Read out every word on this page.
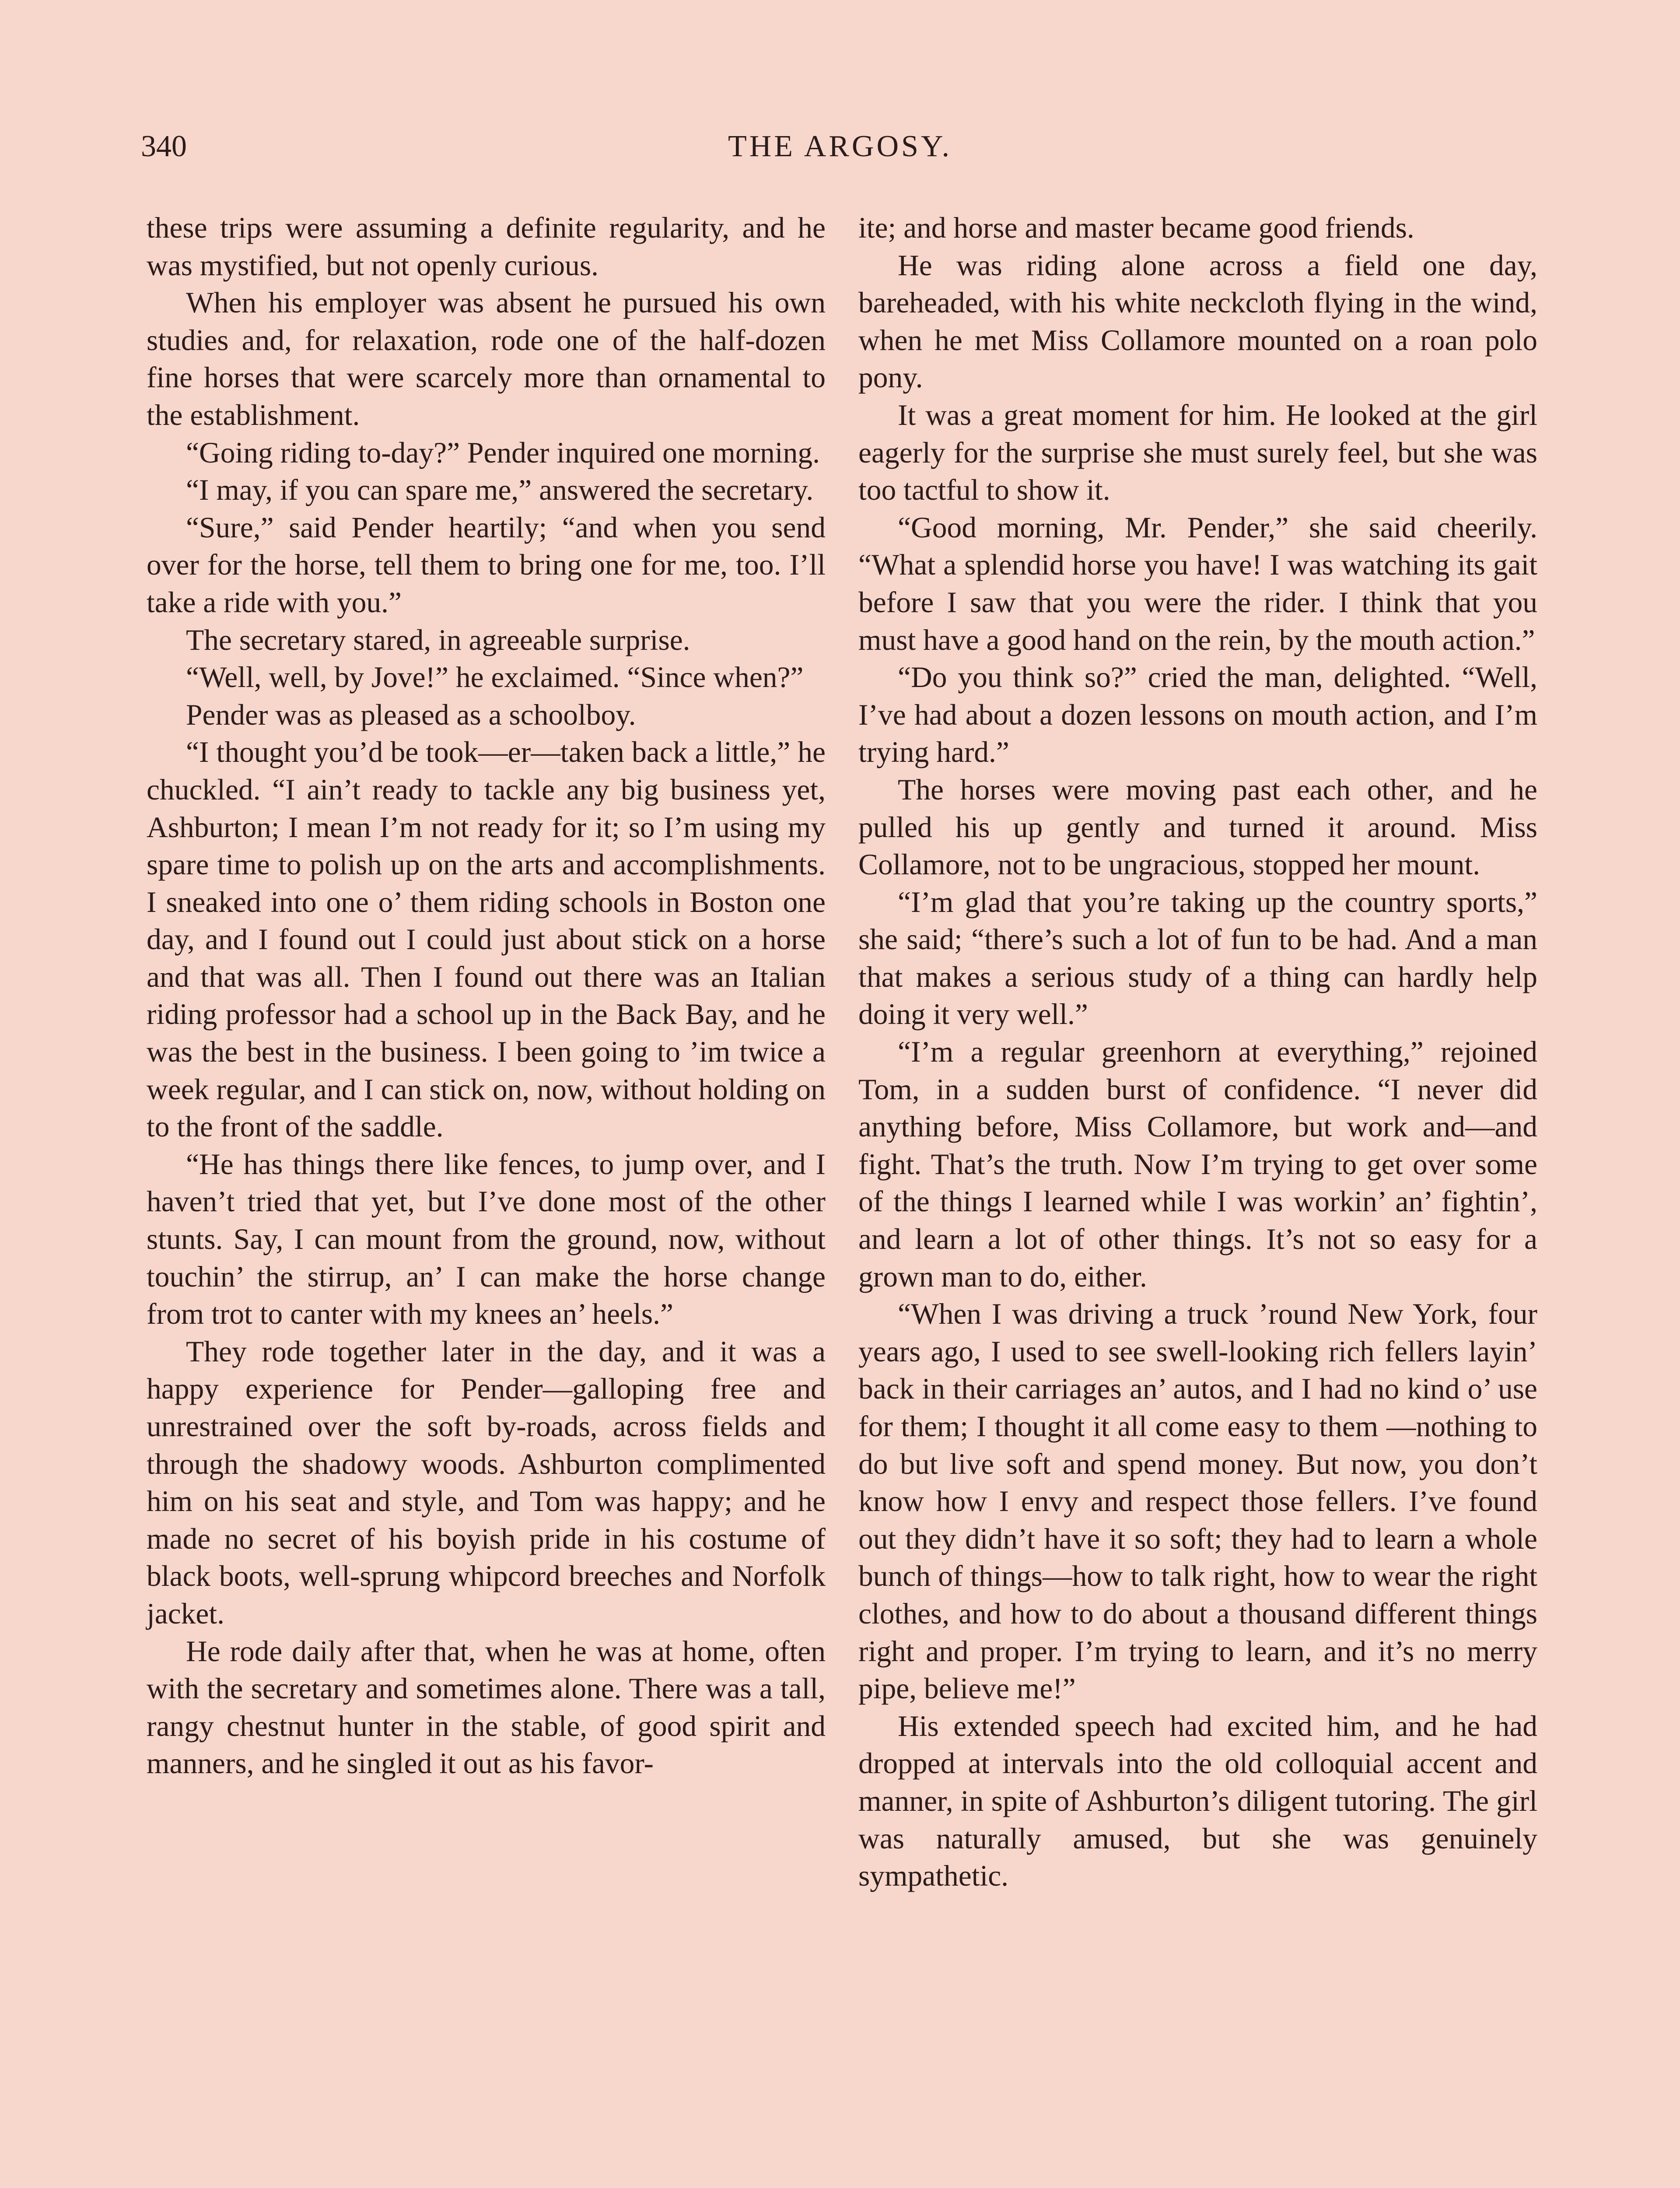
340	THE ARGOSY.

these trips were assuming a definite regularity, and he was mystified, but not openly curious.

When his employer was absent he pursued his own studies and, for relaxation, rode one of the half-dozen fine horses that were scarcely more than ornamental to the establishment.

“Going riding to-day?” Pender inquired one morning.

“I may, if you can spare me,” answered the secretary.

“Sure,” said Pender heartily; “and when you send over for the horse, tell them to bring one for me, too. I’ll take a ride with you.”

The secretary stared, in agreeable surprise.

“Well, well, by Jove!” he exclaimed. “Since when?”

Pender was as pleased as a schoolboy.

“I thought you’d be took—er—taken back a little,” he chuckled. “I ain’t ready to tackle any big business yet, Ashburton; I mean I’m not ready for it; so I’m using my spare time to polish up on the arts and accomplishments. I sneaked into one o’ them riding schools in Boston one day, and I found out I could just about stick on a horse and that was all. Then I found out there was an Italian riding professor had a school up in the Back Bay, and he was the best in the business. I been going to ’im twice a week regular, and I can stick on, now, without holding on to the front of the saddle.

“He has things there like fences, to jump over, and I haven’t tried that yet, but I’ve done most of the other stunts. Say, I can mount from the ground, now, without touchin’ the stirrup, an’ I can make the horse change from trot to canter with my knees an’ heels.”

They rode together later in the day, and it was a happy experience for Pender—galloping free and unrestrained over the soft by-roads, across fields and through the shadowy woods. Ashburton complimented him on his seat and style, and Tom was happy; and he made no secret of his boyish pride in his costume of black boots, well-sprung whipcord breeches and Norfolk jacket.

He rode daily after that, when he was at home, often with the secretary and sometimes alone. There was a tall, rangy chestnut hunter in the stable, of good spirit and manners, and he singled it out as his favor-

ite; and horse and master became good friends.

He was riding alone across a field one day, bareheaded, with his white neckcloth flying in the wind, when he met Miss Collamore mounted on a roan polo pony.

It was a great moment for him. He looked at the girl eagerly for the surprise she must surely feel, but she was too tactful to show it.

“Good morning, Mr. Pender,” she said cheerily. “What a splendid horse you have! I was watching its gait before I saw that you were the rider. I think that you must have a good hand on the rein, by the mouth action.”

“Do you think so?” cried the man, delighted. “Well, I’ve had about a dozen lessons on mouth action, and I’m trying hard.”

The horses were moving past each other, and he pulled his up gently and turned it around. Miss Collamore, not to be ungracious, stopped her mount.

“I’m glad that you’re taking up the country sports,” she said; “there’s such a lot of fun to be had. And a man that makes a serious study of a thing can hardly help doing it very well.”

“I’m a regular greenhorn at everything,” rejoined Tom, in a sudden burst of confidence. “I never did anything before, Miss Collamore, but work and—and fight. That’s the truth. Now I’m trying to get over some of the things I learned while I was workin’ an’ fightin’, and learn a lot of other things. It’s not so easy for a grown man to do, either.

“When I was driving a truck ’round New York, four years ago, I used to see swell-looking rich fellers layin’ back in their carriages an’ autos, and I had no kind o’ use for them; I thought it all come easy to them —nothing to do but live soft and spend money. But now, you don’t know how I envy and respect those fellers. I’ve found out they didn’t have it so soft; they had to learn a whole bunch of things—how to talk right, how to wear the right clothes, and how to do about a thousand different things right and proper. I’m trying to learn, and it’s no merry pipe, believe me!”

His extended speech had excited him, and he had dropped at intervals into the old colloquial accent and manner, in spite of Ashburton’s diligent tutoring. The girl was naturally amused, but she was genuinely sympathetic.
